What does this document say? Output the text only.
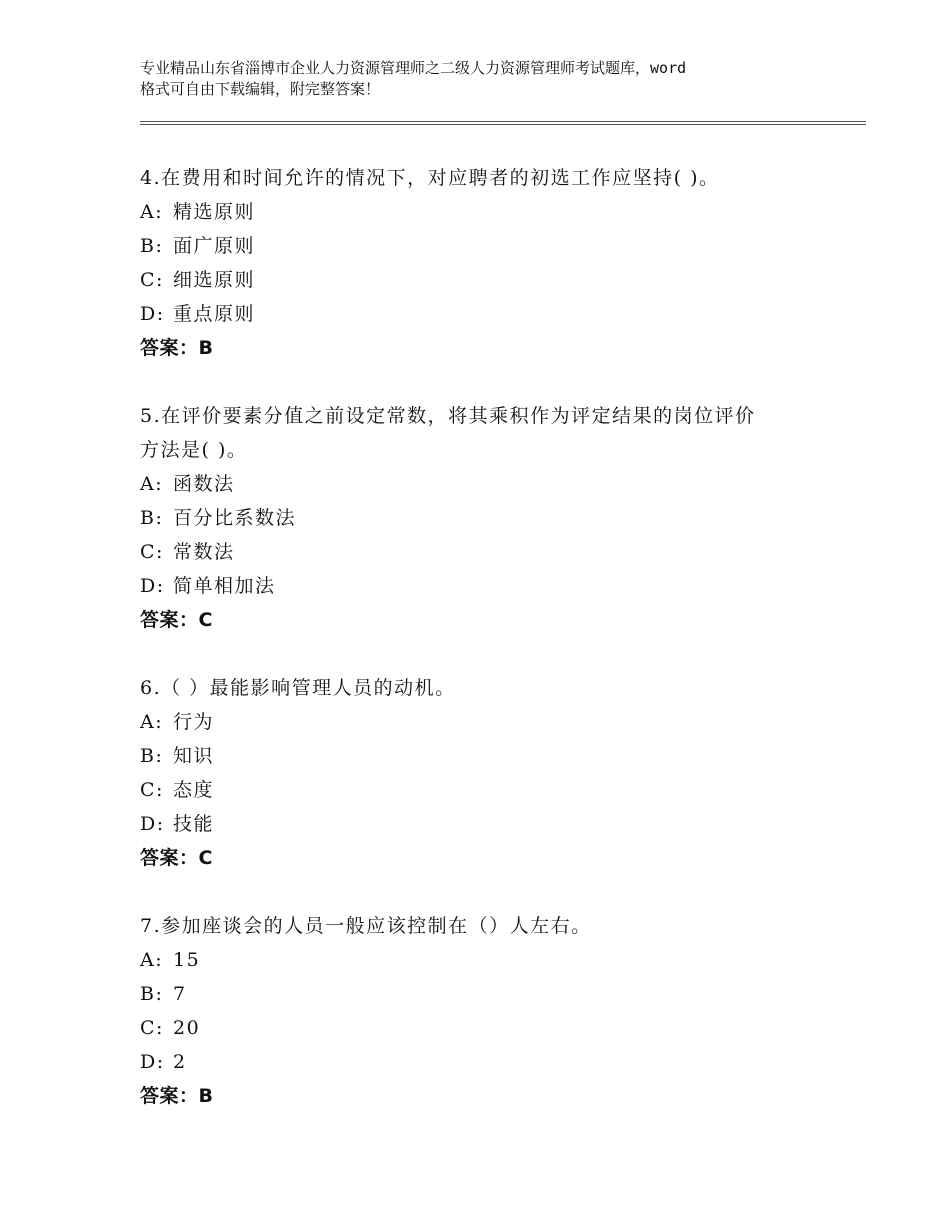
专业精品山东省淄博市企业人力资源管理师之二级人力资源管理师考试题库，word
格式可自由下载编辑，附完整答案！
4.在费用和时间允许的情况下，对应聘者的初选工作应坚持( )。
A: 精选原则
B: 面广原则
C: 细选原则
D: 重点原则
答案：B
5.在评价要素分值之前设定常数，将其乘积作为评定结果的岗位评价
方法是( )。
A: 函数法
B: 百分比系数法
C: 常数法
D: 简单相加法
答案：C
6.（ ）最能影响管理人员的动机。
A: 行为
B: 知识
C: 态度
D: 技能
答案：C
7.参加座谈会的人员一般应该控制在（）人左右。
A: 15
B: 7
C: 20
D: 2
答案：B
